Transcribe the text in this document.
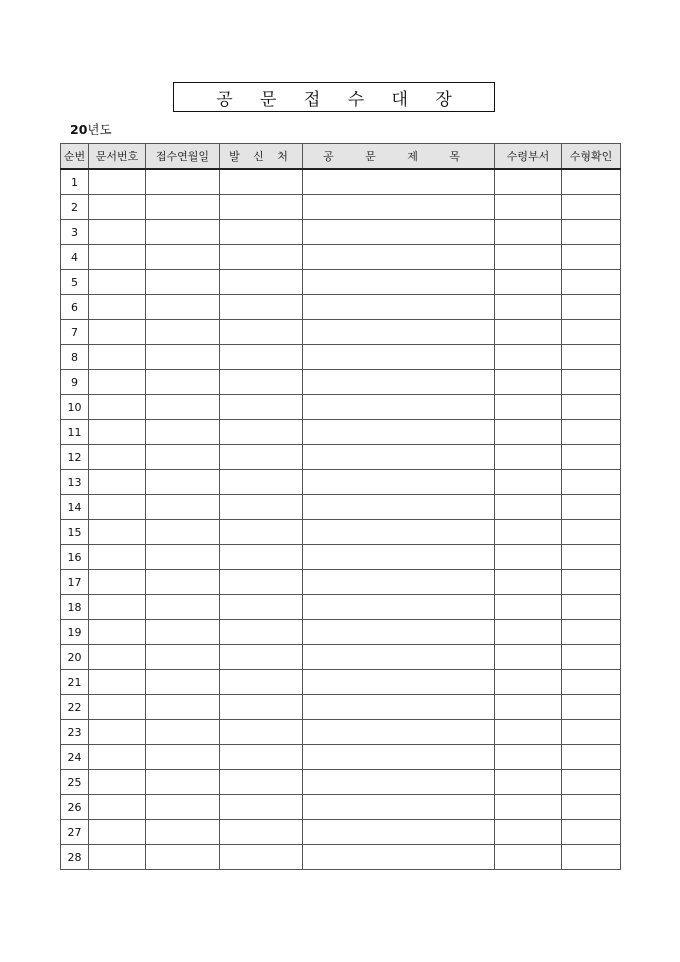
공 문 접 수 대 장
20년도
순번	문서번호	접수연월일	발 신 처	공 문 제 목	수령부서	수형확인
1						
2						
3						
4						
5						
6						
7						
8						
9						
10						
11						
12						
13						
14						
15						
16						
17						
18						
19						
20						
21						
22						
23						
24						
25						
26						
27						
28						
